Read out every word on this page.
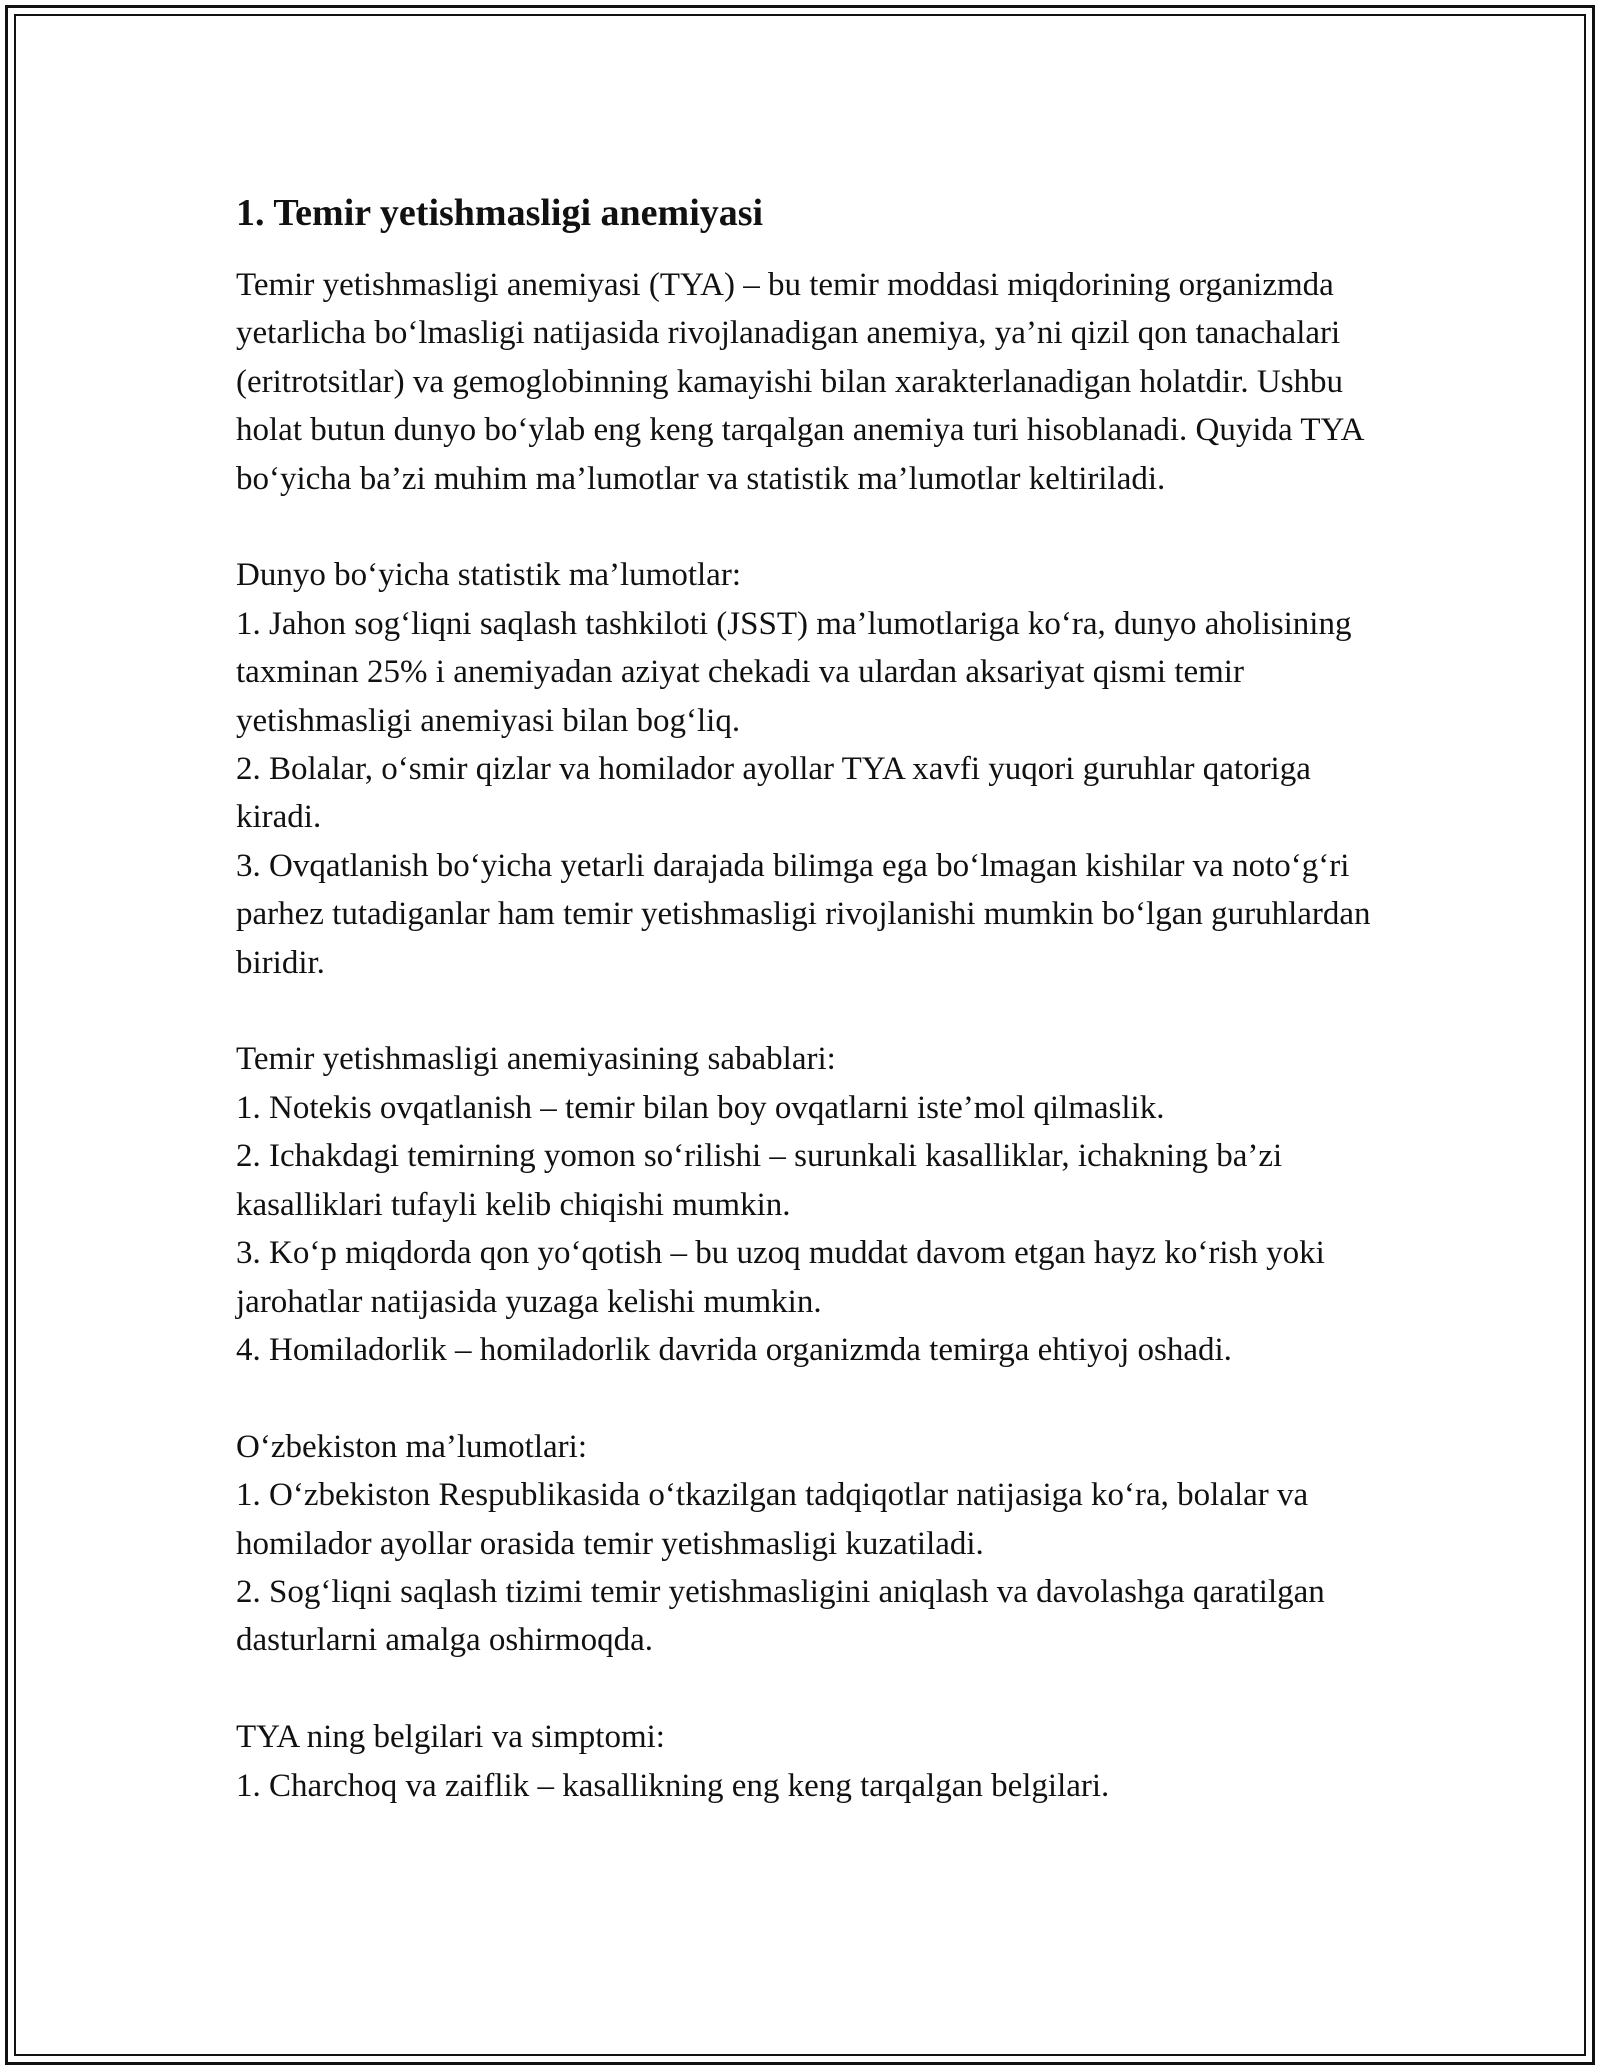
1. Temir yetishmasligi anemiyasi

Temir yetishmasligi anemiyasi (TYA) – bu temir moddasi miqdorining organizmda yetarlicha bo‘lmasligi natijasida rivojlanadigan anemiya, ya’ni qizil qon tanachalari (eritrotsitlar) va gemoglobinning kamayishi bilan xarakterlanadigan holatdir. Ushbu holat butun dunyo bo‘ylab eng keng tarqalgan anemiya turi hisoblanadi. Quyida TYA bo‘yicha ba’zi muhim ma’lumotlar va statistik ma’lumotlar keltiriladi.

Dunyo bo‘yicha statistik ma’lumotlar:
1. Jahon sog‘liqni saqlash tashkiloti (JSST) ma’lumotlariga ko‘ra, dunyo aholisining taxminan 25% i anemiyadan aziyat chekadi va ulardan aksariyat qismi temir yetishmasligi anemiyasi bilan bog‘liq.
2. Bolalar, o‘smir qizlar va homilador ayollar TYA xavfi yuqori guruhlar qatoriga kiradi.
3. Ovqatlanish bo‘yicha yetarli darajada bilimga ega bo‘lmagan kishilar va noto‘g‘ri parhez tutadiganlar ham temir yetishmasligi rivojlanishi mumkin bo‘lgan guruhlardan biridir.
Temir yetishmasligi anemiyasining sabablari:
1. Notekis ovqatlanish – temir bilan boy ovqatlarni iste’mol qilmaslik.
2. Ichakdagi temirning yomon so‘rilishi – surunkali kasalliklar, ichakning ba’zi kasalliklari tufayli kelib chiqishi mumkin.
3. Ko‘p miqdorda qon yo‘qotish – bu uzoq muddat davom etgan hayz ko‘rish yoki jarohatlar natijasida yuzaga kelishi mumkin.
4. Homiladorlik – homiladorlik davrida organizmda temirga ehtiyoj oshadi.
O‘zbekiston ma’lumotlari:
1. O‘zbekiston Respublikasida o‘tkazilgan tadqiqotlar natijasiga ko‘ra, bolalar va homilador ayollar orasida temir yetishmasligi kuzatiladi.
2. Sog‘liqni saqlash tizimi temir yetishmasligini aniqlash va davolashga qaratilgan dasturlarni amalga oshirmoqda.
TYA ning belgilari va simptomi:
1. Charchoq va zaiflik – kasallikning eng keng tarqalgan belgilari.
